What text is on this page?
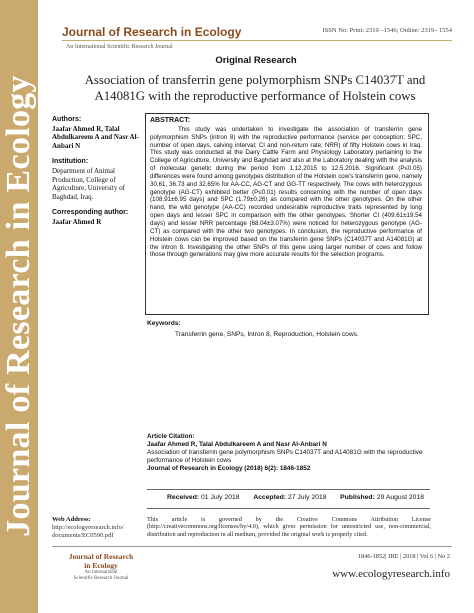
Journal of Research in Ecology
Journal of Research in Ecology	ISSN No: Print: 2319 –1546; Online: 2319– 1554
An International Scientific Research Journal
Original Research
Association of transferrin gene polymorphism SNPs C14037T and A14081G with the reproductive performance of Holstein cows
Authors:
Jaafar Ahmed R, Talal Abdulkareem A and Nasr Al-Anbari N
Institution:
Department of Animal Production, College of Agriculture, University of Baghdad, Iraq.
Corresponding author:
Jaafar Ahmed R
ABSTRACT:
This study was undertaken to investigate the association of transferrin gene polymorphism SNPs (intron 8) with the reproductive performance (service per conception; SPC, number of open days, calving interval; CI and non-return rate; NRR) of fifty Holstein cows in Iraq. This study was conducted at the Dairy Cattle Farm and Physiology Laboratory pertaining to the College of Agriculture, University and Baghdad and also at the Laboratory dealing with the analysis of molecular genetic during the period from 1.12.2015 to 12.5.2016. Significant (P≤0.05) differences were found among genotypes distribution of the Holstein cow's transferrin gene, namely 30.61, 36.73 and 32.65% for AA-CC, AG-CT and GG-TT respectively. The cows with heterozygous genotype (AG-CT) exhibited better (P≤0.01) results concerning with the number of open days (108.91±6.95 days) and SPC (1.79±0.26) as compared with the other genotypes. On the other hand, the wild genotype (AA-CC) recorded undesirable reproductive traits represented by long open days and lesser SPC in comparison with the other genotypes. Shorter CI (409.61±19.54 days) and lesser NRR percentage (68.04±3.07%) were noticed for heterozygous genotype (AG-CT) as compared with the other two genotypes. In conclusion, the reproductive performance of Holstein cows can be improved based on the transferrin gene SNPs (C14037T and A14081G) at the intron 8. Investigating the other SNPs of this gene using larger number of cows and follow those through generations may give more accurate results for the selection programs.
Keywords:
Transferrin gene, SNPs, Intron 8, Reproduction, Holstein cows.
Article Citation:
Jaafar Ahmed R, Talal Abdulkareem A and Nasr Al-Anbari N
Association of transferrin gene polymorphism SNPs C14037T and A14081G with the reproductive performance of Holstein cows
Journal of Research in Ecology (2018) 6(2): 1846-1852
Received: 01 July 2018 Accepted: 27 July 2018 Published: 29 August 2018
Web Address:
http://ecologyresearch.info/
documents/EC0590.pdf
This article is governed by the Creative Commons Attribution License (http://creativecommons.org/licenses/by/4.0), which gives permission for unrestricted use, non-commercial, distribution and reproduction in all medium, provided the original work is properly cited.
Journal of Research
in Ecology
An International
Scientific Research Journal
1846-1852| JRE | 2018 | Vol 6 | No 2
www.ecologyresearch.info
